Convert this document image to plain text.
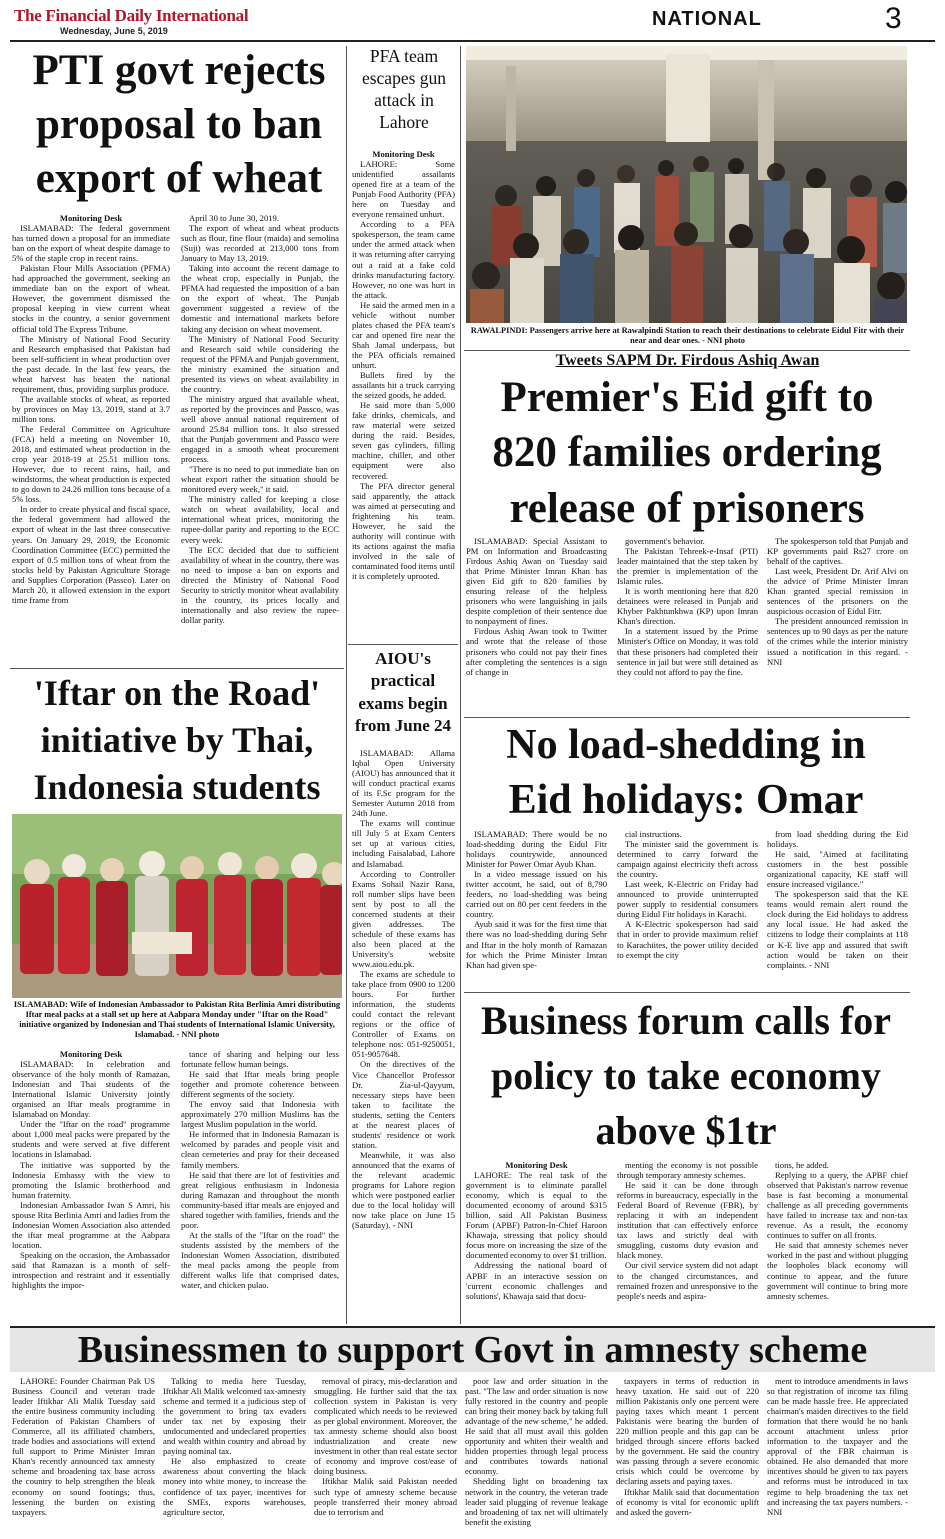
The Financial Daily International
Wednesday, June 5, 2019
NATIONAL	3
PTI govt rejects proposal to ban export of wheat

Monitoring Desk

ISLAMABAD: The federal government has turned down a proposal for an immediate ban on the export of wheat despite damage to 5% of the staple crop in recent rains.

Pakistan Flour Mills Association (PFMA) had approached the government, seeking an immediate ban on the export of wheat. However, the government dismissed the proposal keeping in view current wheat stocks in the country, a senior government official told The Express Tribune.

The Ministry of National Food Security and Research emphasised that Pakistan had been self-sufficient in wheat production over the past decade. In the last few years, the wheat harvest has beaten the national requirement, thus, providing surplus produce.

The available stocks of wheat, as reported by provinces on May 13, 2019, stand at 3.7 million tons.

The Federal Committee on Agriculture (FCA) held a meeting on November 10, 2018, and estimated wheat production in the crop year 2018-19 at 25.51 million tons. However, due to recent rains, hail, and windstorms, the wheat production is expected to go down to 24.26 million tons because of a 5% loss.

In order to create physical and fiscal space, the federal government had allowed the export of wheat in the last three consecutive years. On January 29, 2019, the Economic Coordination Committee (ECC) permitted the export of 0.5 million tons of wheat from the stocks held by Pakistan Agriculture Storage and Supplies Corporation (Passco). Later on March 20, it allowed extension in the export time frame from

April 30 to June 30, 2019.

The export of wheat and wheat products such as flour, fine flour (maida) and semolina (Suji) was recorded at 213,000 tons from January to May 13, 2019.

Taking into account the recent damage to the wheat crop, especially in Punjab, the PFMA had requested the imposition of a ban on the export of wheat. The Punjab government suggested a review of the domestic and international markets before taking any decision on wheat movement.

The Ministry of National Food Security and Research said while considering the request of the PFMA and Punjab government, the ministry examined the situation and presented its views on wheat availability in the country.

The ministry argued that available wheat, as reported by the provinces and Passco, was well above annual national requirement of around 25.84 million tons. It also stressed that the Punjab government and Passco were engaged in a smooth wheat procurement process.

"There is no need to put immediate ban on wheat export rather the situation should be monitored every week," it said.

The ministry called for keeping a close watch on wheat availability, local and international wheat prices, monitoring the rupee-dollar parity and reporting to the ECC every week.

The ECC decided that due to sufficient availability of wheat in the country, there was no need to impose a ban on exports and directed the Ministry of National Food Security to strictly monitor wheat availability in the country, its prices locally and internationally and also review the rupee-dollar parity.

PFA team escapes gun attack in Lahore

Monitoring Desk

LAHORE: Some unidentified assailants opened fire at a team of the Punjab Food Authority (PFA) here on Tuesday and everyone remained unhurt.

According to a PFA spokesperson, the team came under the armed attack when it was returning after carrying out a raid at a fake cold drinks manufacturing factory. However, no one was hurt in the attack.

He said the armed men in a vehicle without number plates chased the PFA team's car and opened fire near the Shah Jamal underpass, but the PFA officials remained unhurt.

Bullets fired by the assailants hit a truck carrying the seized goods, he added.

He said more than 5,000 fake drinks, chemicals, and raw material were seized during the raid. Besides, seven gas cylinders, filling machine, chiller, and other equipment were also recovered.

The PFA director general said apparently, the attack was aimed at persecuting and frightening his team. However, he said the authority will continue with its actions against the mafia involved in the sale of contaminated food items until it is completely uprooted.

RAWALPINDI: Passengers arrive here at Rawalpindi Station to reach their destinations to celebrate Eidul Fitr with their near and dear ones. - NNI photo
Tweets SAPM Dr. Firdous Ashiq Awan
Premier's Eid gift to 820 families ordering release of prisoners

ISLAMABAD: Special Assistant to PM on Information and Broadcasting Firdous Ashiq Awan on Tuesday said that Prime Minister Imran Khan has given Eid gift to 820 families by ensuring release of the helpless prisoners who were languishing in jails despite completion of their sentence due to nonpayment of fines.

Firdous Ashiq Awan took to Twitter and wrote that the release of those prisoners who could not pay their fines after completing the sentences is a sign of change in

government's behavior.

The Pakistan Tehreek-e-Insaf (PTI) leader maintained that the step taken by the premier is implementation of the Islamic rules.

It is worth mentioning here that 820 detainees were released in Punjab and Khyber Pakhtunkhwa (KP) upon Imran Khan's direction.

In a statement issued by the Prime Minister's Office on Monday, it was told that these prisoners had completed their sentence in jail but were still detained as they could not afford to pay the fine.

The spokesperson told that Punjab and KP governments paid Rs27 crore on behalf of the captives.

Last week, President Dr. Arif Alvi on the advice of Prime Minister Imran Khan granted special remission in sentences of the prisoners on the auspicious occasion of Eidul Fitr.

The president announced remission in sentences up to 90 days as per the nature of the crimes while the interior ministry issued a notification in this regard. - NNI

'Iftar on the Road' initiative by Thai, Indonesia students
ISLAMABAD: Wife of Indonesian Ambassador to Pakistan Rita Berlinia Amri distributing Iftar meal packs at a stall set up here at Aabpara Monday under "Iftar on the Road" initiative organized by Indonesian and Thai students of International Islamic University, Islamabad. - NNI photo

Monitoring Desk

ISLAMABAD: In celebration and observance of the holy month of Ramazan, Indonesian and Thai students of the International Islamic University jointly organised an Iftar meals programme in Islamabad on Monday.

Under the "Iftar on the road" programme about 1,000 meal packs were prepared by the students and were served at five different locations in Islamabad.

The initiative was supported by the Indonesia Embassy with the view to promoting the Islamic brotherhood and human fraternity.

Indonesian Ambassador Iwan S Amri, his spouse Rita Berlinia Amri and ladies from the Indonesian Women Association also attended the iftar meal programme at the Aabpara location.

Speaking on the occasion, the Ambassador said that Ramazan is a month of self-introspection and restraint and it essentially highlights the impor-

tance of sharing and helping our less fortunate fellow human beings.

He said that Iftar meals bring people together and promote coherence between different segments of the society.

The envoy said that Indonesia with approximately 270 million Muslims has the largest Muslim population in the world.

He informed that in Indonesia Ramazan is welcomed by parades and people visit and clean cemeteries and pray for their deceased family members.

He said that there are lot of festivities and great religious enthusiasm in Indonesia during Ramazan and throughout the month community-based iftar meals are enjoyed and shared together with families, friends and the poor.

At the stalls of the "Iftar on the road" the students assisted by the members of the Indonesian Women Association, distributed the meal packs among the people from different walks life that comprised dates, water, and chicken pulao.

AIOU's practical exams begin from June 24

ISLAMABAD: Allama Iqbal Open University (AIOU) has announced that it will conduct practical exams of its F.Sc program for the Semester Autumn 2018 from 24th June.

The exams will continue till July 5 at Exam Centers set up at various cities, including Faisalabad, Lahore and Islamabad.

According to Controller Exams Sohail Nazir Rana, roll number slips have been sent by post to all the concerned students at their given addresses. The schedule of these exams has also been placed at the University's website www.aiou.edu.pk.

The exams are schedule to take place from 0900 to 1200 hours. For further information, the students could contact the relevant regions or the office of Controller of Exams on telephone nos: 051-9250051, 051-9057648.

On the directives of the Vice Chancellor Professor Dr. Zia-ul-Qayyum, necessary steps have been taken to facilitate the students, setting the Centers at the nearest places of students' residence or work station.

Meanwhile, it was also announced that the exams of the relevant academic programs for Lahore region which were postponed earlier due to the local holiday will now take place on June 15 (Saturday). - NNI

No load-shedding in Eid holidays: Omar

ISLAMABAD: There would be no load-shedding during the Eidul Fitr holidays countrywide, announced Minister for Power Omar Ayub Khan.

In a video message issued on his twitter account, he said, out of 8,790 feeders, no load-shedding was being carried out on 80 per cent feeders in the country.

Ayub said it was for the first time that there was no load-shedding during Sehr and Iftar in the holy month of Ramazan for which the Prime Minister Imran Khan had given spe-

cial instructions.

The minister said the government is determined to carry forward the campaign against electricity theft across the country.

Last week, K-Electric on Friday had announced to provide uninterrupted power supply to residential consumers during Eidul Fitr holidays in Karachi.

A K-Electric spokesperson had said that in order to provide maximum relief to Karachiites, the power utility decided to exempt the city

from load shedding during the Eid holidays.

He said, "Aimed at facilitating customers in the best possible organizational capacity, KE staff will ensure increased vigilance."

The spokesperson said that the KE teams would remain alert round the clock during the Eid holidays to address any local issue. He had asked the citizens to lodge their complaints at 118 or K-E live app and assured that swift action would be taken on their complaints. - NNI

Business forum calls for policy to take economy above $1tr

Monitoring Desk

LAHORE: The real task of the government is to eliminate parallel economy, which is equal to the documented economy of around $315 billion, said All Pakistan Business Forum (APBF) Patron-In-Chief Haroon Khawaja, stressing that policy should focus more on increasing the size of the documented economy to over $1 trillion.

Addressing the national board of APBF in an interactive session on 'current economic challenges and solutions', Khawaja said that docu-

menting the economy is not possible through temporary amnesty schemes.

He said it can be done through reforms in bureaucracy, especially in the Federal Board of Revenue (FBR), by replacing it with an independent institution that can effectively enforce tax laws and strictly deal with smuggling, customs duty evasion and black money.

Our civil service system did not adapt to the changed circumstances, and remained frozen and unresponsive to the people's needs and aspira-

tions, he added.

Replying to a query, the APBF chief observed that Pakistan's narrow revenue base is fast becoming a monumental challenge as all preceding governments have failed to increase tax and non-tax revenue. As a result, the economy continues to suffer on all fronts.

He said that amnesty schemes never worked in the past and without plugging the loopholes black economy will continue to appear, and the future government will continue to bring more amnesty schemes.

Businessmen to support Govt in amnesty scheme

LAHORE: Founder Chairman Pak US Business Council and veteran trade leader Iftikhar Ali Malik Tuesday said the entire business community including Federation of Pakistan Chambers of Commerce, all its affiliated chambers, trade bodies and associations will extend full support to Prime Minister Imran Khan's recently announced tax amnesty scheme and broadening tax base across the country to help strengthen the bleak economy on sound footings; thus, lessening the burden on existing taxpayers.

Talking to media here Tuesday, Iftikhar Ali Malik welcomed tax-amnesty scheme and termed it a judicious step of the government to bring tax evaders under tax net by exposing their undocumented and undeclared properties and wealth within country and abroad by paying nominal tax.

He also emphasized to create awareness about converting the black money into white money, to increase the confidence of tax payer, incentives for the SMEs, exports warehouses, agriculture sector,

removal of piracy, mis-declaration and smuggling. He further said that the tax collection system in Pakistan is very complicated which needs to be reviewed as per global environment. Moreover, the tax amnesty scheme should also boost industrialization and create new investment in other than real estate sector of economy and improve cost/ease of doing business.

Iftikhar Malik said Pakistan needed such type of amnesty scheme because people transferred their money abroad due to terrorism and

poor law and order situation in the past. "The law and order situation is now fully restored in the country and people can bring their money back by taking full advantage of the new scheme," he added. He said that all must avail this golden opportunity and whiten their wealth and hidden properties through legal process and contributes towards national economy.

Shedding light on broadening tax network in the country, the veteran trade leader said plugging of revenue leakage and broadening of tax net will ultimately benefit the existing

taxpayers in terms of reduction in heavy taxation. He said out of 220 million Pakistanis only one percent were paying taxes which meant 1 percent Pakistanis were bearing the burden of 220 million people and this gap can be bridged through sincere efforts backed by the government. He said the country was passing through a severe economic crisis which could be overcome by declaring assets and paying taxes.

Iftikhar Malik said that documentation of economy is vital for economic uplift and asked the govern-

ment to introduce amendments in laws so that registration of income tax filing can be made hassle free. He appreciated chairman's maiden directives to the field formation that there would be no bank account attachment unless prior information to the taxpayer and the approval of the FBR chairman is obtained. He also demanded that more incentives should be given to tax payers and reforms must be introduced in tax regime to help broadening the tax net and increasing the tax payers numbers. - NNI
